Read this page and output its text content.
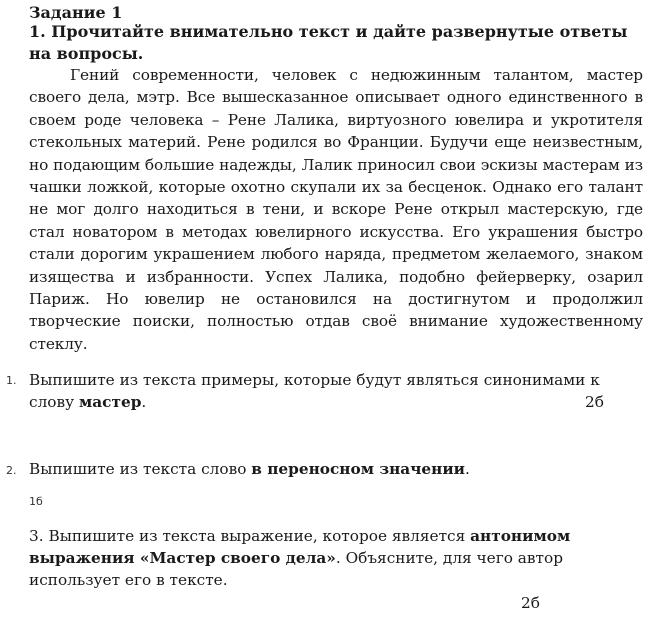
Задание 1
1. Прочитайте внимательно текст и дайте развернутые ответы на вопросы.
Гений современности, человек с недюжинным талантом, мастер своего дела, мэтр. Все вышесказанное описывает одного единственного в своем роде человека – Рене Лалика, виртуозного ювелира и укротителя стекольных материй. Рене родился во Франции. Будучи еще неизвестным, но подающим большие надежды, Лалик приносил свои эскизы мастерам из чашки ложкой, которые охотно скупали их за бесценок. Однако его талант не мог долго находиться в тени, и вскоре Рене открыл мастерскую, где стал новатором в методах ювелирного искусства. Его украшения быстро стали дорогим украшением любого наряда, предметом желаемого, знаком изящества и избранности. Успех Лалика, подобно фейерверку, озарил Париж. Но ювелир не остановился на достигнутом и продолжил творческие поиски, полностью отдав своё внимание художественному стеклу.
1. Выпишите из текста примеры, которые будут являться синонимами к слову мастер.	2б
2. Выпишите из текста слово в переносном значении.
1б
3. Выпишите из текста выражение, которое является антонимом выражения «Мастер своего дела». Объясните, для чего автор использует его в тексте.
2б
